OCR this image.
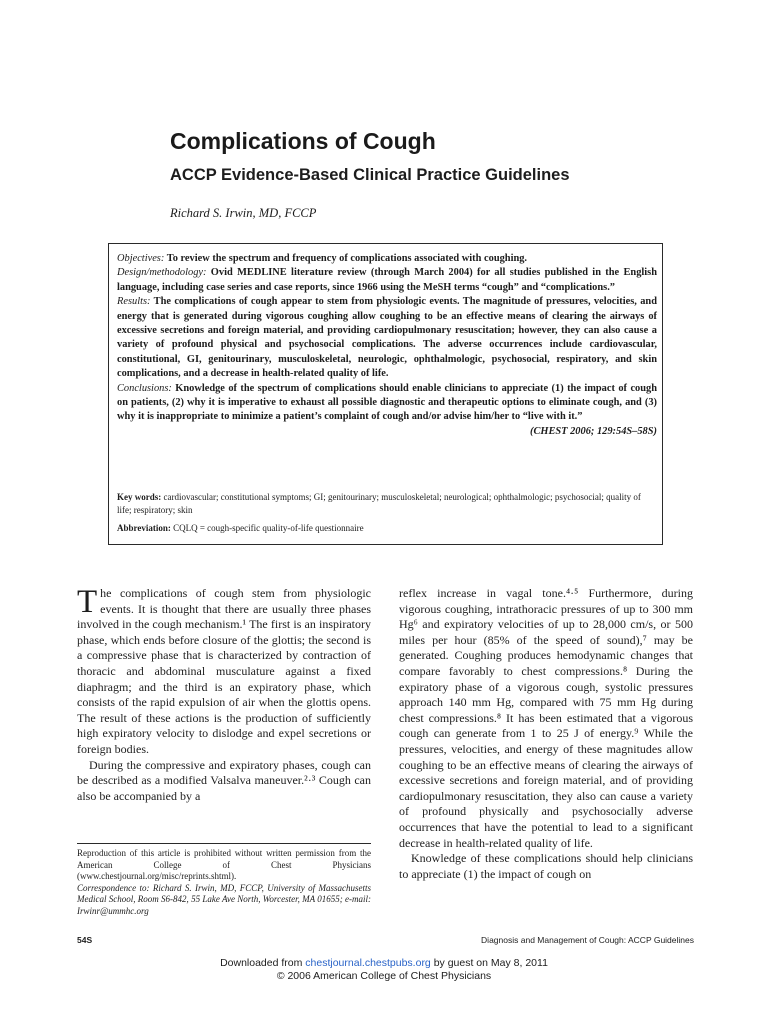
Complications of Cough
ACCP Evidence-Based Clinical Practice Guidelines

Richard S. Irwin, MD, FCCP

Objectives: To review the spectrum and frequency of complications associated with coughing.
Design/methodology: Ovid MEDLINE literature review (through March 2004) for all studies published in the English language, including case series and case reports, since 1966 using the MeSH terms “cough” and “complications.”
Results: The complications of cough appear to stem from physiologic events. The magnitude of pressures, velocities, and energy that is generated during vigorous coughing allow coughing to be an effective means of clearing the airways of excessive secretions and foreign material, and providing cardiopulmonary resuscitation; however, they can also cause a variety of profound physical and psychosocial complications. The adverse occurrences include cardiovascular, constitutional, GI, genitourinary, musculoskeletal, neurologic, ophthalmologic, psychosocial, respiratory, and skin complications, and a decrease in health-related quality of life.
Conclusions: Knowledge of the spectrum of complications should enable clinicians to appreciate (1) the impact of cough on patients, (2) why it is imperative to exhaust all possible diagnostic and therapeutic options to eliminate cough, and (3) why it is inappropriate to minimize a patient’s complaint of cough and/or advise him/her to “live with it.”
(CHEST 2006; 129:54S–58S)

Key words: cardiovascular; constitutional symptoms; GI; genitourinary; musculoskeletal; neurological; ophthalmologic; psychosocial; quality of life; respiratory; skin

Abbreviation: CQLQ = cough-specific quality-of-life questionnaire

The complications of cough stem from physiologic events. It is thought that there are usually three phases involved in the cough mechanism.¹ The first is an inspiratory phase, which ends before closure of the glottis; the second is a compressive phase that is characterized by contraction of thoracic and abdominal musculature against a fixed diaphragm; and the third is an expiratory phase, which consists of the rapid expulsion of air when the glottis opens. The result of these actions is the production of sufficiently high expiratory velocity to dislodge and expel secretions or foreign bodies.

During the compressive and expiratory phases, cough can be described as a modified Valsalva maneuver.²·³ Cough can also be accompanied by a

reflex increase in vagal tone.⁴·⁵ Furthermore, during vigorous coughing, intrathoracic pressures of up to 300 mm Hg⁶ and expiratory velocities of up to 28,000 cm/s, or 500 miles per hour (85% of the speed of sound),⁷ may be generated. Coughing produces hemodynamic changes that compare favorably to chest compressions.⁸ During the expiratory phase of a vigorous cough, systolic pressures approach 140 mm Hg, compared with 75 mm Hg during chest compressions.⁸ It has been estimated that a vigorous cough can generate from 1 to 25 J of energy.⁹ While the pressures, velocities, and energy of these magnitudes allow coughing to be an effective means of clearing the airways of excessive secretions and foreign material, and of providing cardiopulmonary resuscitation, they also can cause a variety of profound physically and psychosocially adverse occurrences that have the potential to lead to a significant decrease in health-related quality of life.

Knowledge of these complications should help clinicians to appreciate (1) the impact of cough on

Reproduction of this article is prohibited without written permission from the American College of Chest Physicians (www.chestjournal.org/misc/reprints.shtml).

Correspondence to: Richard S. Irwin, MD, FCCP, University of Massachusetts Medical School, Room S6-842, 55 Lake Ave North, Worcester, MA 01655; e-mail: Irwinr@ummhc.org

54S	Diagnosis and Management of Cough: ACCP Guidelines
Downloaded from chestjournal.chestpubs.org by guest on May 8, 2011
© 2006 American College of Chest Physicians
